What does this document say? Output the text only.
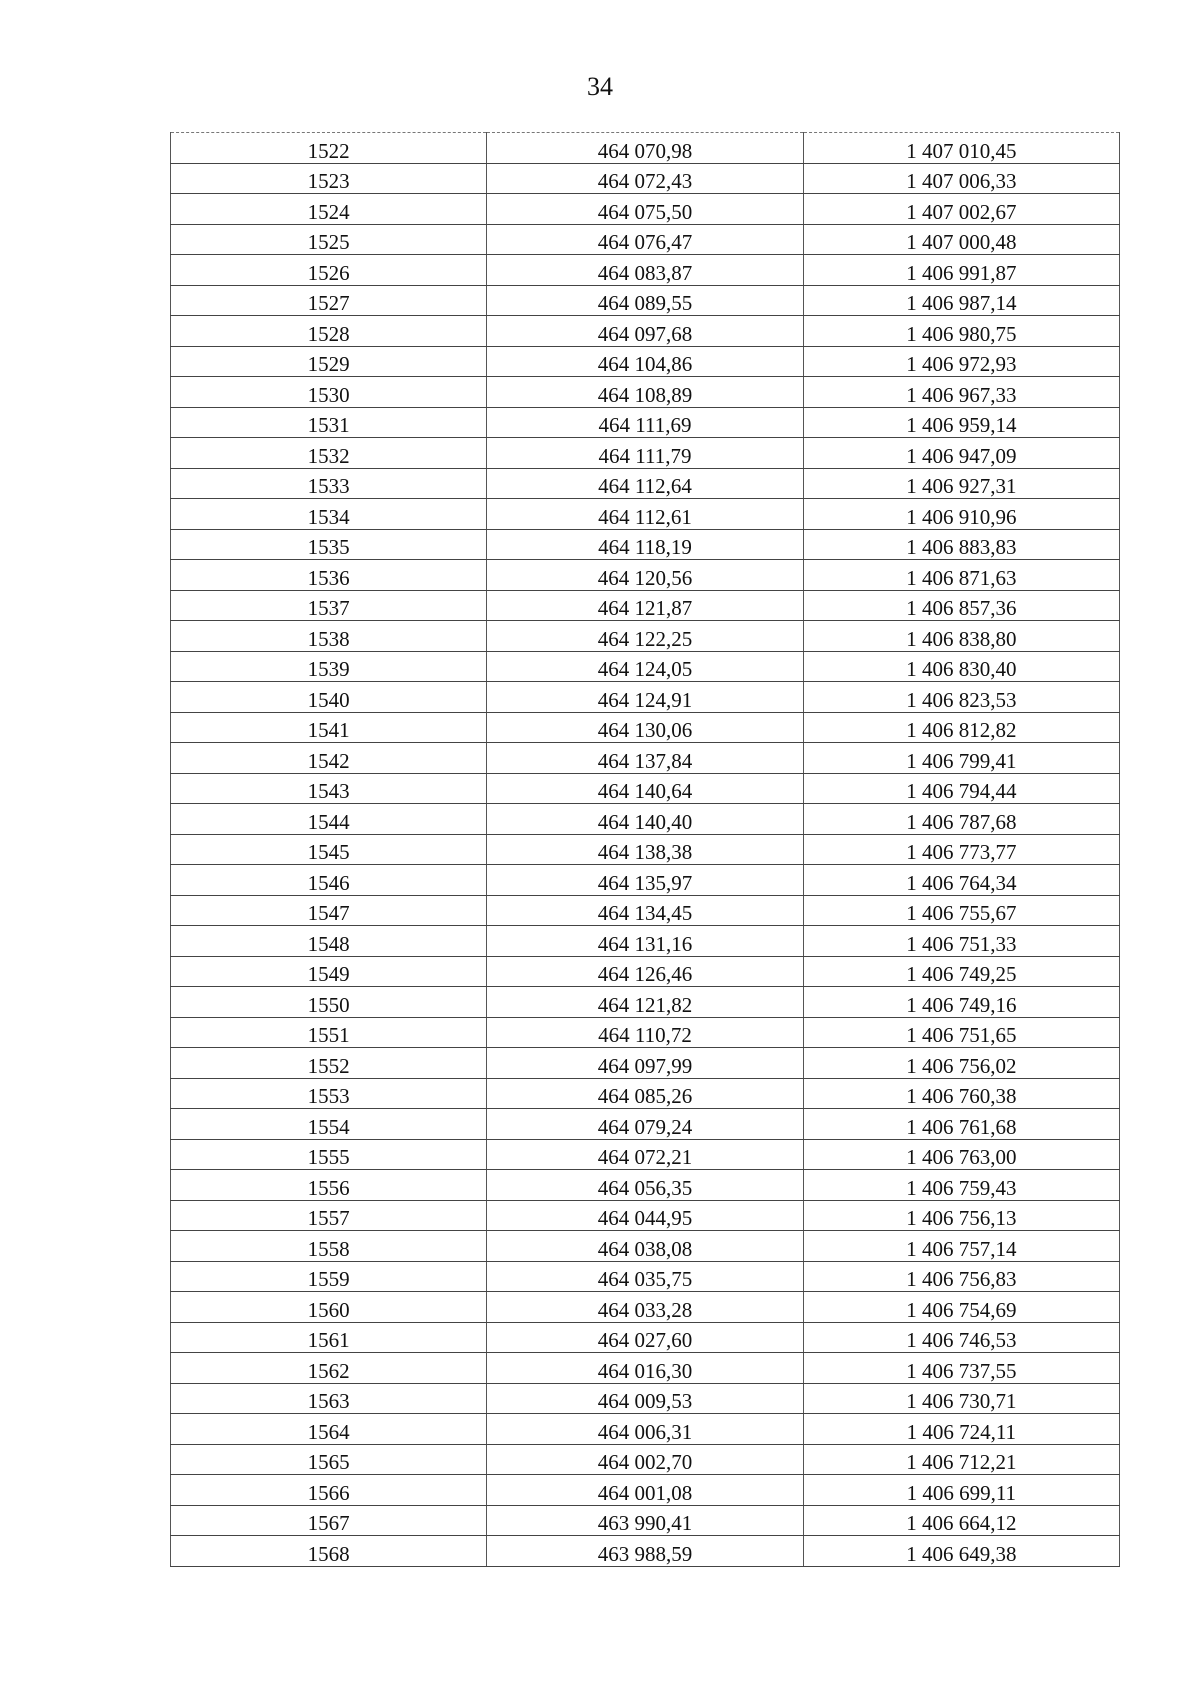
34
1522	464 070,98	1 407 010,45
1523	464 072,43	1 407 006,33
1524	464 075,50	1 407 002,67
1525	464 076,47	1 407 000,48
1526	464 083,87	1 406 991,87
1527	464 089,55	1 406 987,14
1528	464 097,68	1 406 980,75
1529	464 104,86	1 406 972,93
1530	464 108,89	1 406 967,33
1531	464 111,69	1 406 959,14
1532	464 111,79	1 406 947,09
1533	464 112,64	1 406 927,31
1534	464 112,61	1 406 910,96
1535	464 118,19	1 406 883,83
1536	464 120,56	1 406 871,63
1537	464 121,87	1 406 857,36
1538	464 122,25	1 406 838,80
1539	464 124,05	1 406 830,40
1540	464 124,91	1 406 823,53
1541	464 130,06	1 406 812,82
1542	464 137,84	1 406 799,41
1543	464 140,64	1 406 794,44
1544	464 140,40	1 406 787,68
1545	464 138,38	1 406 773,77
1546	464 135,97	1 406 764,34
1547	464 134,45	1 406 755,67
1548	464 131,16	1 406 751,33
1549	464 126,46	1 406 749,25
1550	464 121,82	1 406 749,16
1551	464 110,72	1 406 751,65
1552	464 097,99	1 406 756,02
1553	464 085,26	1 406 760,38
1554	464 079,24	1 406 761,68
1555	464 072,21	1 406 763,00
1556	464 056,35	1 406 759,43
1557	464 044,95	1 406 756,13
1558	464 038,08	1 406 757,14
1559	464 035,75	1 406 756,83
1560	464 033,28	1 406 754,69
1561	464 027,60	1 406 746,53
1562	464 016,30	1 406 737,55
1563	464 009,53	1 406 730,71
1564	464 006,31	1 406 724,11
1565	464 002,70	1 406 712,21
1566	464 001,08	1 406 699,11
1567	463 990,41	1 406 664,12
1568	463 988,59	1 406 649,38
